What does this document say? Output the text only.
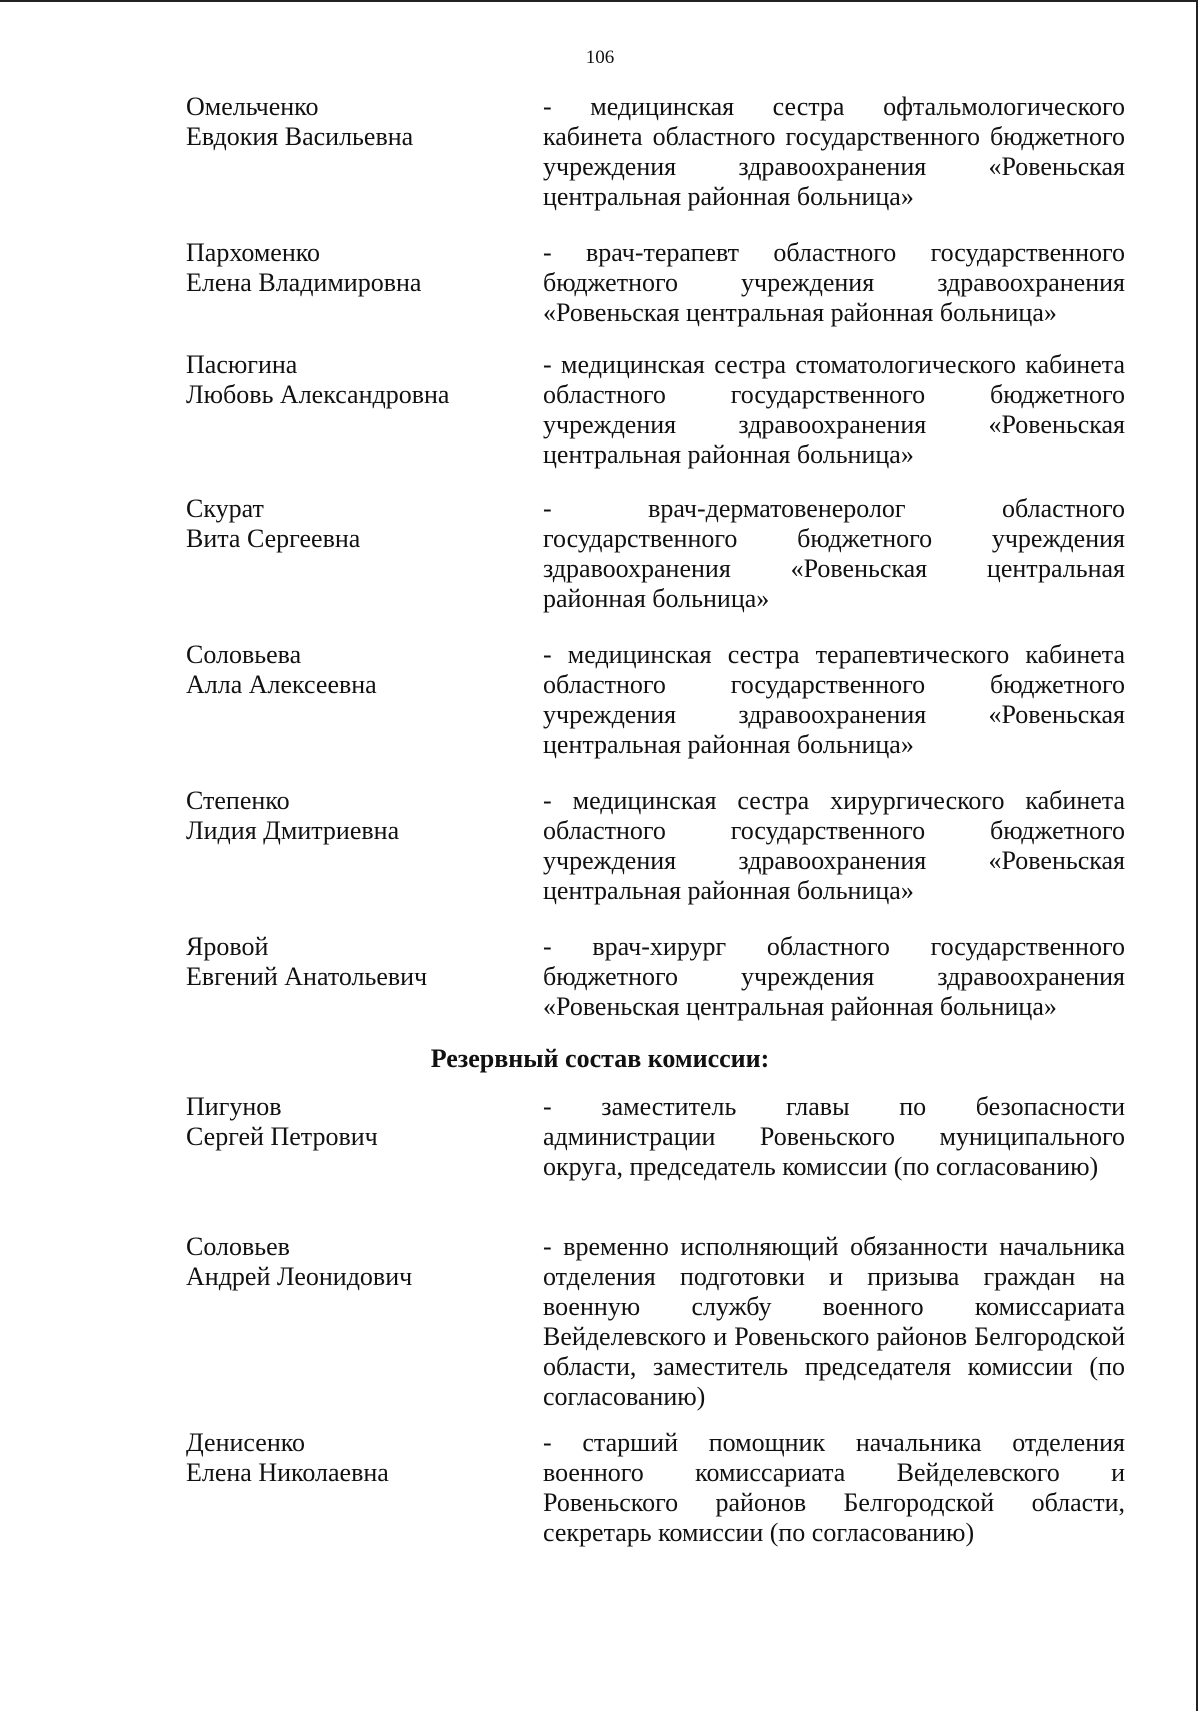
106
Омельченко
Евдокия Васильевна
- медицинская сестра офтальмологического кабинета областного государственного бюджетного учреждения здравоохранения «Ровеньская центральная районная больница»
Пархоменко
Елена Владимировна
- врач-терапевт областного государственного бюджетного учреждения здравоохранения «Ровеньская центральная районная больница»
Пасюгина
Любовь Александровна
- медицинская сестра стоматологического кабинета областного государственного бюджетного учреждения здравоохранения «Ровеньская центральная районная больница»
Скурат
Вита Сергеевна
- врач-дерматовенеролог областного государственного бюджетного учреждения здравоохранения «Ровеньская центральная районная больница»
Соловьева
Алла Алексеевна
- медицинская сестра терапевтического кабинета областного государственного бюджетного учреждения здравоохранения «Ровеньская центральная районная больница»
Степенко
Лидия Дмитриевна
- медицинская сестра хирургического кабинета областного государственного бюджетного учреждения здравоохранения «Ровеньская центральная районная больница»
Яровой
Евгений Анатольевич
- врач-хирург областного государственного бюджетного учреждения здравоохранения «Ровеньская центральная районная больница»
Резервный состав комиссии:
Пигунов
Сергей Петрович
- заместитель главы по безопасности администрации Ровеньского муниципального округа, председатель комиссии (по согласованию)
Соловьев
Андрей Леонидович
- временно исполняющий обязанности начальника отделения подготовки и призыва граждан на военную службу военного комиссариата Вейделевского и Ровеньского районов Белгородской области, заместитель председателя комиссии (по согласованию)
Денисенко
Елена Николаевна
- старший помощник начальника отделения военного комиссариата Вейделевского и Ровеньского районов Белгородской области, секретарь комиссии (по согласованию)
